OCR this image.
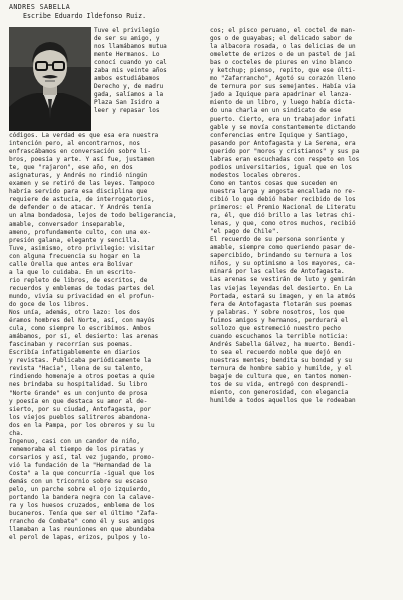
ANDRES SABELLA
Escribe Eduardo Ildefonso Ruiz.
Tuve el privilegio
de ser su amigo, y
nos llamábamos mutua
mente Hermanos. Lo
conocí cuando yo cal
zaba mis veinte años
ambos estudiábamos
Derecho y, de madru
gada, salíamos a la
Plaza San Isidro a
leer y repasar los
códigos. La verdad es que esa era nuestra
intención pero, al encontrarnos, nos
enfrascábamos en conversación sobre li-
bros, poesía y arte. Y así fue, justamen
te, que "rajaron", ese año, en dos
asignaturas, y Andrés no rindió ningún
examen y se retiró de las leyes. Tampoco
habría servido para esa disciplina que
requiere de astucia, de interrogatorios,
de defender o de atacar. Y Andrés tenía
un alma bondadosa, lejos de todo beligerancia,
amable, conversador inseparable,
ameno, profundamente culto, con una ex-
presión galana, elegante y sencilla.
Tuve, asimismo, otro privilegio: visitar
con alguna frecuencia su hogar en la
calle Orella que antes era Bolívar
a la que lo cuidaba. En un escrito-
rio repleto de libros, de escritos, de
recuerdos y emblemas de todas partes del
mundo, vivía su privacidad en el profun-
do goce de los libros.
Nos unía, además, otro lazo: los dos
éramos hombres del Norte, así, con mayús
cula, como siempre lo escribimos. Ambos
amábamos, por sí, el desierto: las arenas
fascinaban y recorrían sus poemas.
Escribía infatigablemente en diarios
y revistas. Publicaba periódicamente la
revista "Hacia", llena de su talento,
rindiendo homenaje a otros poetas a quie
nes brindaba su hospitalidad. Su libro
"Norte Grande" es un conjunto de prosa
y poesía en que destaca su amor al de-
sierto, por su ciudad, Antofagasta, por
los viejos pueblos salitreros abandona-
dos en la Pampa, por los obreros y su lu
cha.
Ingenuo, casi con un candor de niño,
rememoraba el tiempo de los piratas y
corsarios y así, tal vez jugando, promo-
vió la fundación de la "Hermandad de la
Costa" a la que concurría -igual que los
demás con un tricornio sobre su escaso
pelo, un parche sobre el ojo izquierdo,
portando la bandera negra con la calave-
ra y los huesos cruzados, emblema de los
bucaneros. Tenía que ser el último "Zafa-
rrancho de Combate" como él y sus amigos
llamaban a las reuniones en que abundaba
el perol de lapas, erizos, pulpos y lo-
cos; el pisco peruano, el coctel de man-
gos o de guayabas; el delicado sabor de
la albacora rosada, o las delicias de un
omelette de erizos o de un pastel de jai
bas o cocteles de piures en vino blanco
y ketchup; pienso, repito, que ese últi-
mo "Zafarrancho", Agotó su corazón lleno
de ternura por sus semejantes. Había via
jado a Iquique para apadrinar el lanza-
miento de un libro, y luego había dicta-
do una charla en un sindicato de ese
puerto. Cierto, era un trabajador infati
gable y se movía constantemente dictando
conferencias entre Iquique y Santiago,
pasando por Antofagasta y La Serena, era
querido por "moros y cristianos" y sus pa
labras eran escuchadas con respeto en los
podios universitarios, igual que en los
modestos locales obreros.
Como en tantos cosas que suceden en
nuestra larga y angosta encallada no re-
cibió lo que debió haber recibido de los
primeros: el Premio Nacional de Literatu
ra, él, que dió brillo a las letras chi-
lenas, y que, como otros muchos, recibió
"el pago de Chile".
El recuerdo de su persona sonriente y
amable, siempre como queriendo pasar de-
sapercibido, brindando su ternura a los
niños, y su optimismo a los mayores, ca-
minará por las calles de Antofagasta.
Las arenas se vestirán de luto y gemirán
las viejas leyendas del desierto. En La
Portada, estará su imagen, y en la atmós
fera de Antofagasta flotarán sus poemas
y palabras. Y sobre nosotros, los que
fuimos amigos y hermanos, perdurará el
sollozo que estremeció nuestro pecho
cuando escuchamos la terrible noticia:
Andrés Sabella Gálvez, ha muerto. Bendi-
to sea el recuerdo noble que dejó en
nuestras mentes; bendita su bondad y su
ternura de hombre sabio y humilde, y el
bagaje de cultura que, en tantos momen-
tos de su vida, entregó con desprendi-
miento, con generosidad, con elegancia
humilde a todos aquellos que le rodeaban
